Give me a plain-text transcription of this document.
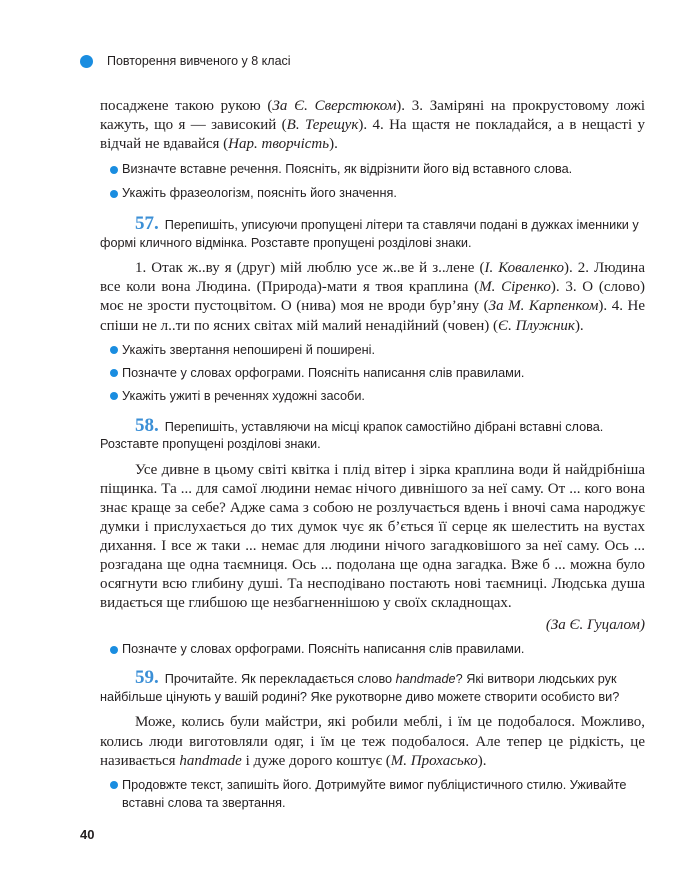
Повторення вивченого у 8 класі

посаджене такою рукою (За Є. Сверстюком). 3. Заміряні на прокрустовому ложі кажуть, що я — зависокий (В. Терещук). 4. На щастя не покладайся, а в нещасті у відчай не вдавайся (Нар. творчість).

Визначте вставне речення. Поясніть, як відрізнити його від вставного слова.
Укажіть фразеологізм, поясніть його значення.
57. Перепишіть, уписуючи пропущені літери та ставлячи подані в дужках іменники у формі кличного відмінка. Розставте пропущені розділові знаки.

1. Отак ж..ву я (друг) мій люблю усе ж..ве й з..лене (І. Коваленко). 2. Людина все коли вона Людина. (Природа)-мати я твоя краплина (М. Сіренко). 3. О (слово) моє не зрости пустоцвітом. О (нива) моя не вроди бур’яну (За М. Карпенком). 4. Не спіши не л..ти по ясних світах мій малий ненадійний (човен) (Є. Плужник).

Укажіть звертання непоширені й поширені.
Позначте у словах орфограми. Поясніть написання слів правилами.
Укажіть ужиті в реченнях художні засоби.
58. Перепишіть, уставляючи на місці крапок самостійно дібрані вставні слова. Розставте пропущені розділові знаки.

Усе дивне в цьому світі квітка і плід вітер і зірка краплина води й найдрібніша піщинка. Та ... для самої людини немає нічого дивнішого за неї саму. От ... кого вона знає краще за себе? Адже сама з собою не розлучається вдень і вночі сама народжує думки і прислухається до тих думок чує як б’ється її серце як шелестить на вустах дихання. І все ж таки ... немає для людини нічого загадковішого за неї саму. Ось ... розгадана ще одна таємниця. Ось ... подолана ще одна загадка. Вже б ... можна було осягнути всю глибину душі. Та несподівано постають нові таємниці. Людська душа видається ще глибшою ще незбагненнішою у своїх складнощах.

(За Є. Гуцалом)
Позначте у словах орфограми. Поясніть написання слів правилами.
59. Прочитайте. Як перекладається слово handmade? Які витвори людських рук найбільше цінують у вашій родині? Яке рукотворне диво можете створити особисто ви?

Може, колись були майстри, які робили меблі, і їм це подобалося. Можливо, колись люди виготовляли одяг, і їм це теж подобалося. Але тепер це рідкість, це називається handmade і дуже дорого коштує (М. Прохасько).

Продовжте текст, запишіть його. Дотримуйте вимог публіцистичного стилю. Уживайте вставні слова та звертання.
40
